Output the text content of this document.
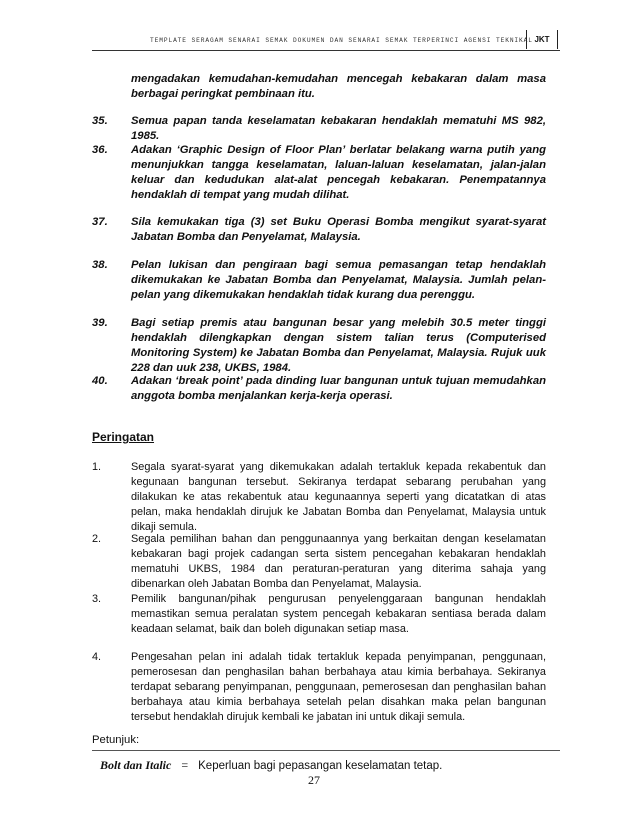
TEMPLATE SERAGAM SENARAI SEMAK DOKUMEN DAN SENARAI SEMAK TERPERINCI AGENSI TEKNIKAL JKT
mengadakan kemudahan-kemudahan mencegah kebakaran dalam masa berbagai peringkat pembinaan itu.
35.	Semua papan tanda keselamatan kebakaran hendaklah mematuhi MS 982, 1985.
36.	Adakan ‘Graphic Design of Floor Plan’ berlatar belakang warna putih yang menunjukkan tangga keselamatan, laluan-laluan keselamatan, jalan-jalan keluar dan kedudukan alat-alat pencegah kebakaran. Penempatannya hendaklah di tempat yang mudah dilihat.
37.	Sila kemukakan tiga (3) set Buku Operasi Bomba mengikut syarat-syarat Jabatan Bomba dan Penyelamat, Malaysia.
38.	Pelan lukisan dan pengiraan bagi semua pemasangan tetap hendaklah dikemukakan ke Jabatan Bomba dan Penyelamat, Malaysia. Jumlah pelan-pelan yang dikemukakan hendaklah tidak kurang dua perenggu.
39.	Bagi setiap premis atau bangunan besar yang melebih 30.5 meter tinggi hendaklah dilengkapkan dengan sistem talian terus (Computerised Monitoring System) ke Jabatan Bomba dan Penyelamat, Malaysia. Rujuk uuk 228 dan uuk 238, UKBS, 1984.
40.	Adakan ‘break point’ pada dinding luar bangunan untuk tujuan memudahkan anggota bomba menjalankan kerja-kerja operasi.
Peringatan
1.	Segala syarat-syarat yang dikemukakan adalah tertakluk kepada rekabentuk dan kegunaan bangunan tersebut. Sekiranya terdapat sebarang perubahan yang dilakukan ke atas rekabentuk atau kegunaannya seperti yang dicatatkan di atas pelan, maka hendaklah dirujuk ke Jabatan Bomba dan Penyelamat, Malaysia untuk dikaji semula.
2.	Segala pemilihan bahan dan penggunaannya yang berkaitan dengan keselamatan kebakaran bagi projek cadangan serta sistem pencegahan kebakaran hendaklah mematuhi UKBS, 1984 dan peraturan-peraturan yang diterima sahaja yang dibenarkan oleh Jabatan Bomba dan Penyelamat, Malaysia.
3.	Pemilik bangunan/pihak pengurusan penyelenggaraan bangunan hendaklah memastikan semua peralatan system pencegah kebakaran sentiasa berada dalam keadaan selamat, baik dan boleh digunakan setiap masa.
4.	Pengesahan pelan ini adalah tidak tertakluk kepada penyimpanan, penggunaan, pemerosesan dan penghasilan bahan berbahaya atau kimia berbahaya. Sekiranya terdapat sebarang penyimpanan, penggunaan, pemerosesan dan penghasilan bahan berbahaya atau kimia berbahaya setelah pelan disahkan maka pelan bangunan tersebut hendaklah dirujuk kembali ke jabatan ini untuk dikaji semula.
Petunjuk:
Bolt dan Italic = Keperluan bagi pepasangan keselamatan tetap.
27
